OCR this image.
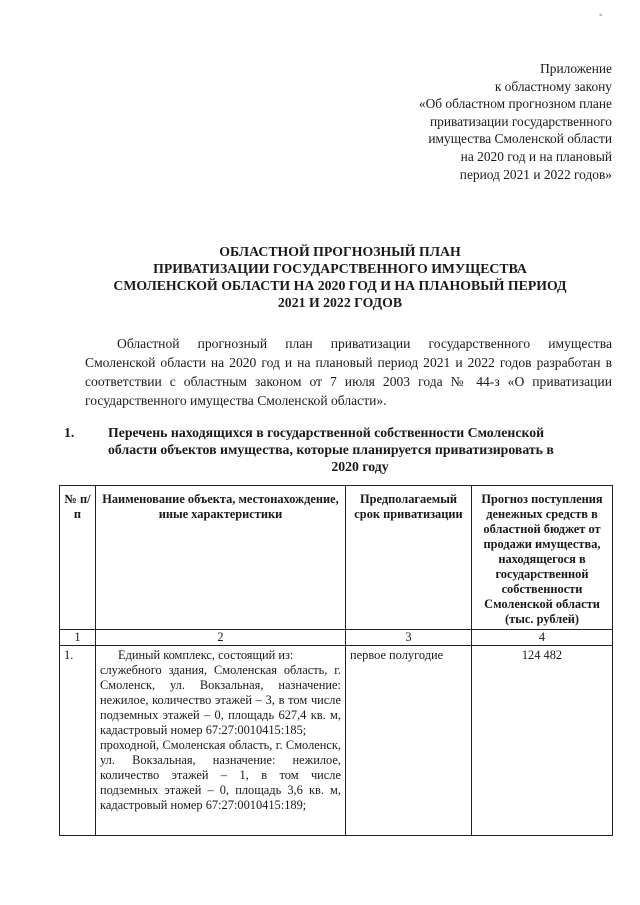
◦
Приложение
к областному закону
«Об областном прогнозном плане
приватизации государственного
имущества Смоленской области
на 2020 год и на плановый
период 2021 и 2022 годов»
ОБЛАСТНОЙ ПРОГНОЗНЫЙ ПЛАН
ПРИВАТИЗАЦИИ ГОСУДАРСТВЕННОГО ИМУЩЕСТВА
СМОЛЕНСКОЙ ОБЛАСТИ НА 2020 ГОД И НА ПЛАНОВЫЙ ПЕРИОД
2021 И 2022 ГОДОВ

Областной прогнозный план приватизации государственного имущества Смоленской области на 2020 год и на плановый период 2021 и 2022 годов разработан в соответствии с областным законом от 7 июля 2003 года № 44-з «О приватизации государственного имущества Смоленской области».

1. Перечень находящихся в государственной собственности Смоленской
области объектов имущества, которые планируется приватизировать в
2020 году
№ п/п	Наименование объекта, местонахождение, иные характеристики	Предполагаемый срок приватизации	Прогноз поступления денежных средств в областной бюджет от продажи имущества, находящегося в государственной собственности Смоленской области (тыс. рублей)
1	2	3	4
1.	Единый комплекс, состоящий из:

служебного здания, Смоленская область, г. Смоленск, ул. Вокзальная, назначение: нежилое, количество этажей – 3, в том числе подземных этажей – 0, площадь 627,4 кв. м, кадастровый номер 67:27:0010415:185;

проходной, Смоленская область, г. Смоленск, ул. Вокзальная, назначение: нежилое, количество этажей – 1, в том числе подземных этажей – 0, площадь 3,6 кв. м, кадастровый номер 67:27:0010415:189;	первое полугодие	124 482
